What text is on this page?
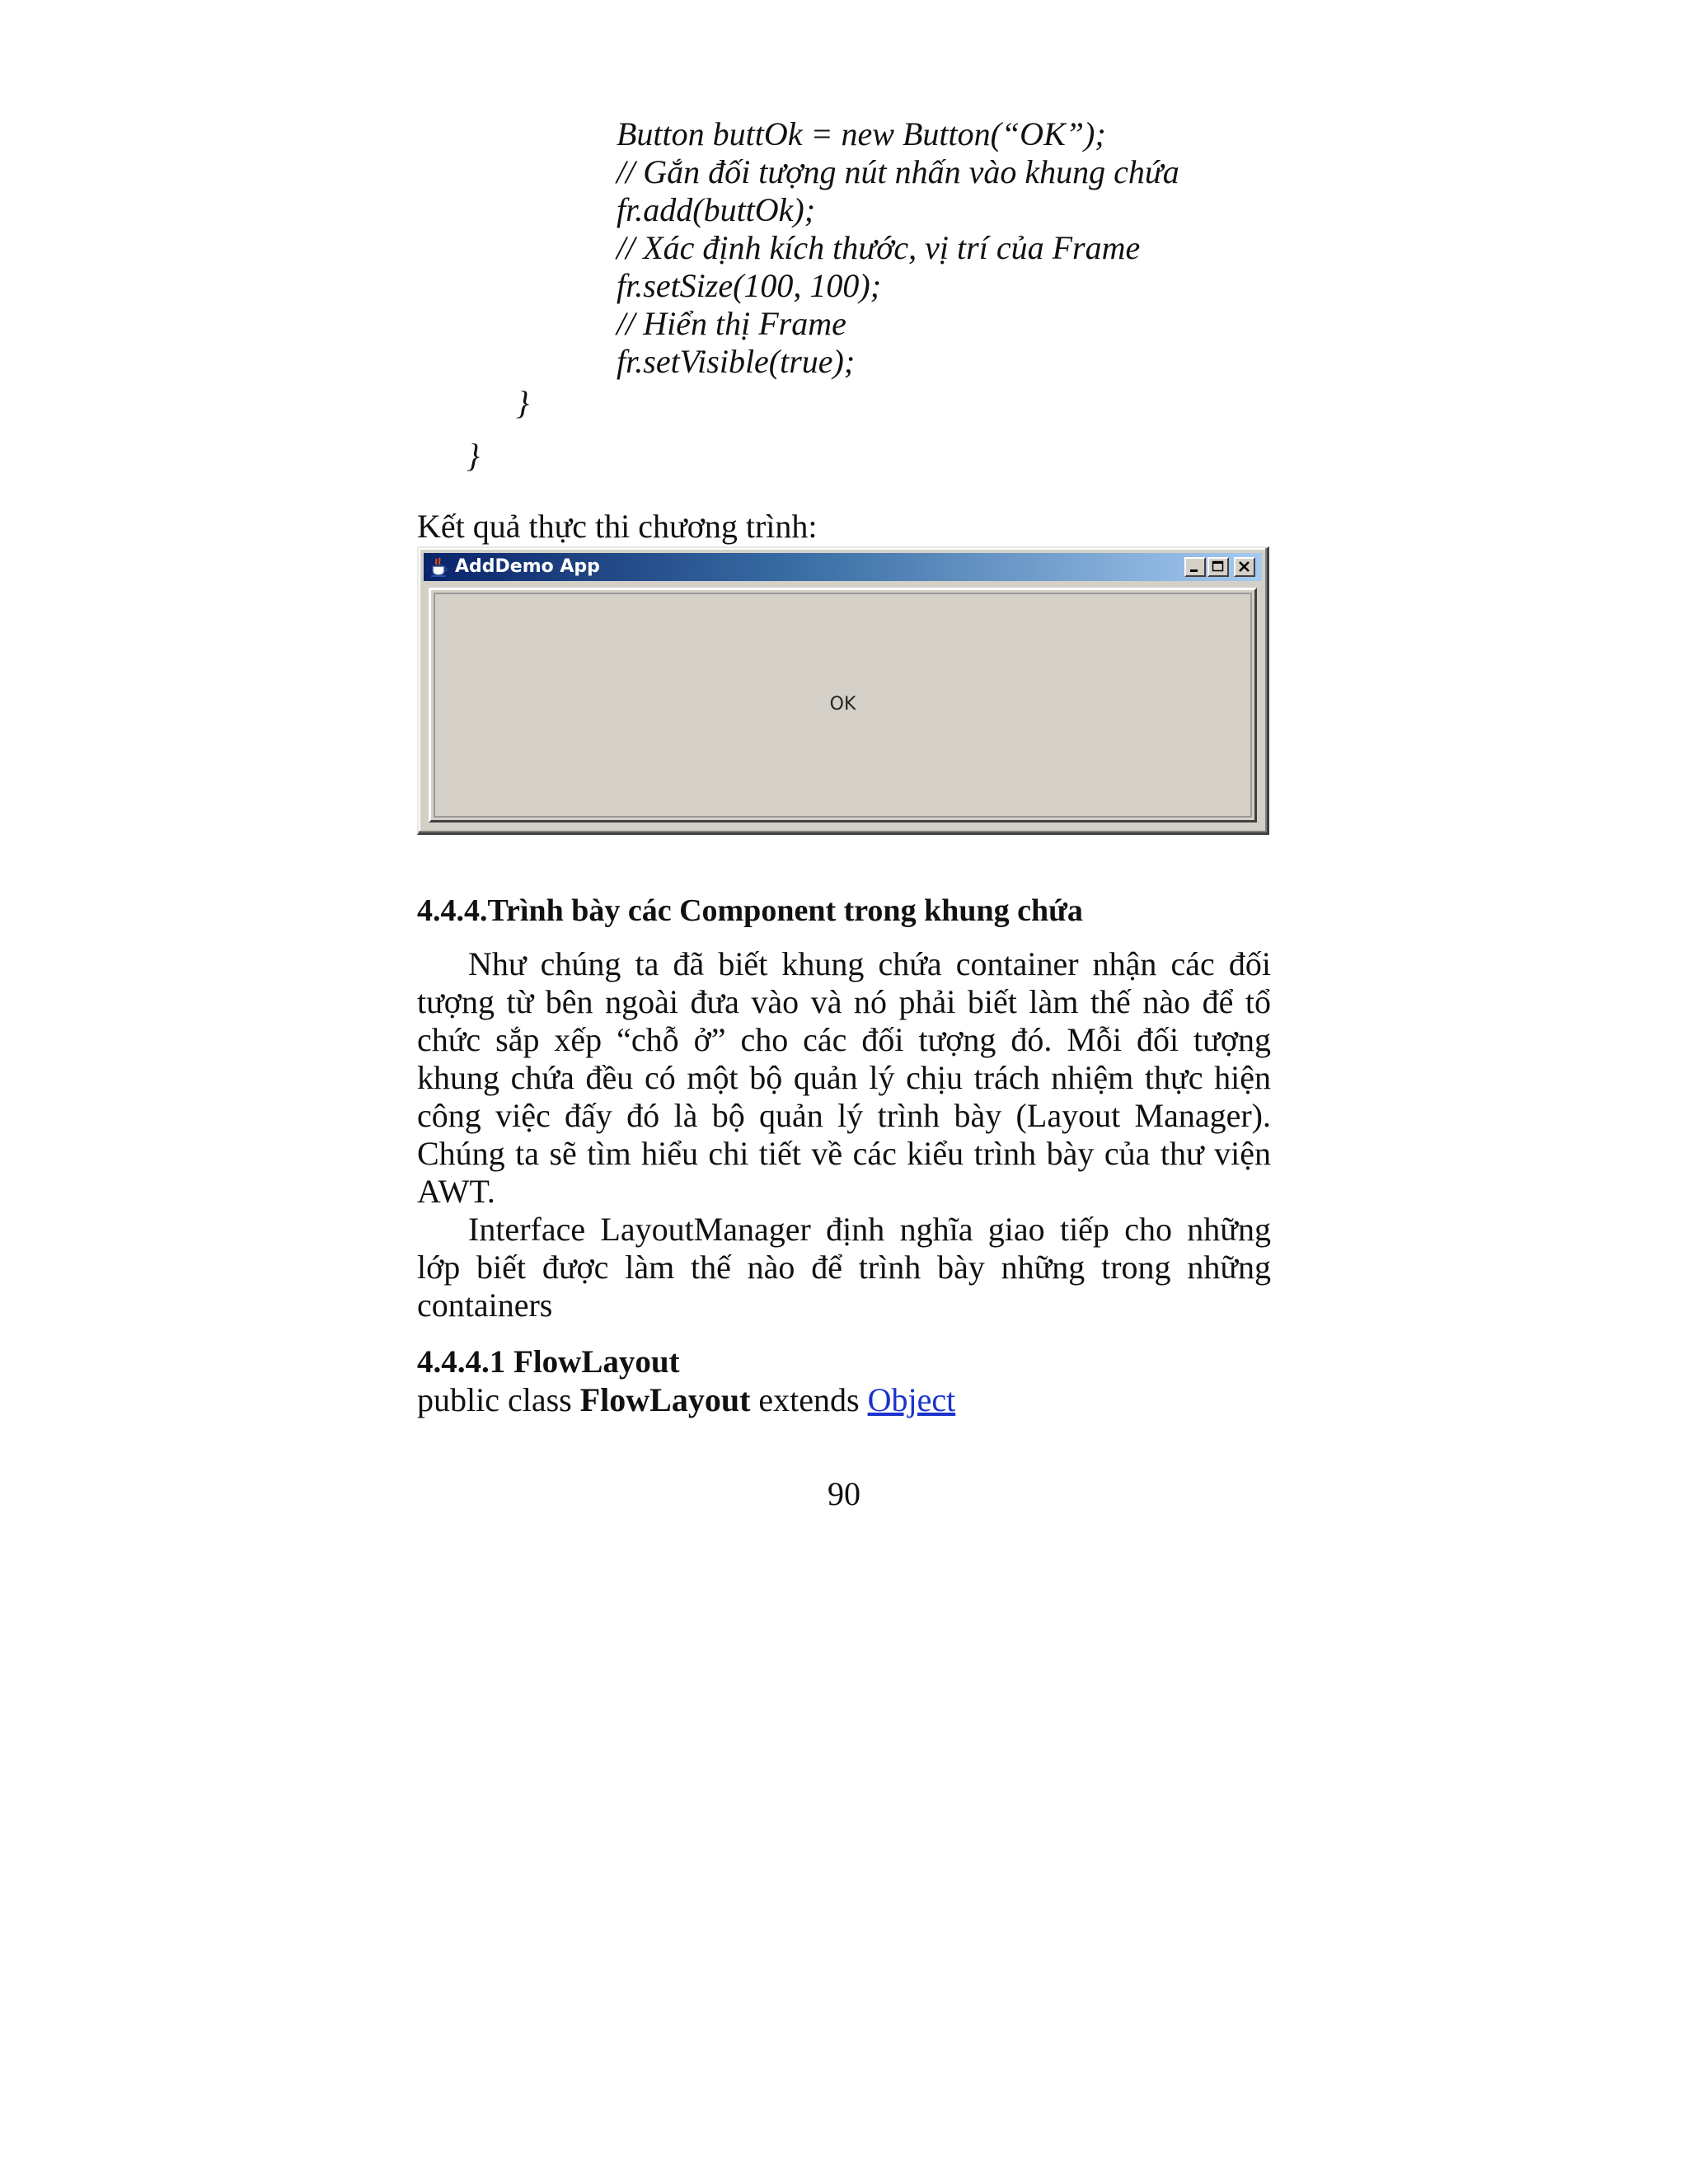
Button buttOk = new Button(“OK”);
// Gắn đối tượng nút nhấn vào khung chứa
fr.add(buttOk);
// Xác định kích thước, vị trí của Frame
fr.setSize(100, 100);
// Hiển thị Frame
fr.setVisible(true);
}
}
Kết quả thực thi chương trình:
AddDemo App
OK
4.4.4.Trình bày các Component trong khung chứa
Như chúng ta đã biết khung chứa container nhận các đối tượng từ bên ngoài đưa vào và nó phải biết làm thế nào để tổ chức sắp xếp “chỗ ở” cho các đối tượng đó. Mỗi đối tượng khung chứa đều có một bộ quản lý chịu trách nhiệm thực hiện công việc đấy đó là bộ quản lý trình bày (Layout Manager). Chúng ta sẽ tìm hiểu chi tiết về các kiểu trình bày của thư viện AWT.
Interface LayoutManager định nghĩa giao tiếp cho những lớp biết được làm thế nào để trình bày những trong những containers
4.4.4.1 FlowLayout
public class FlowLayout extends Object
90
